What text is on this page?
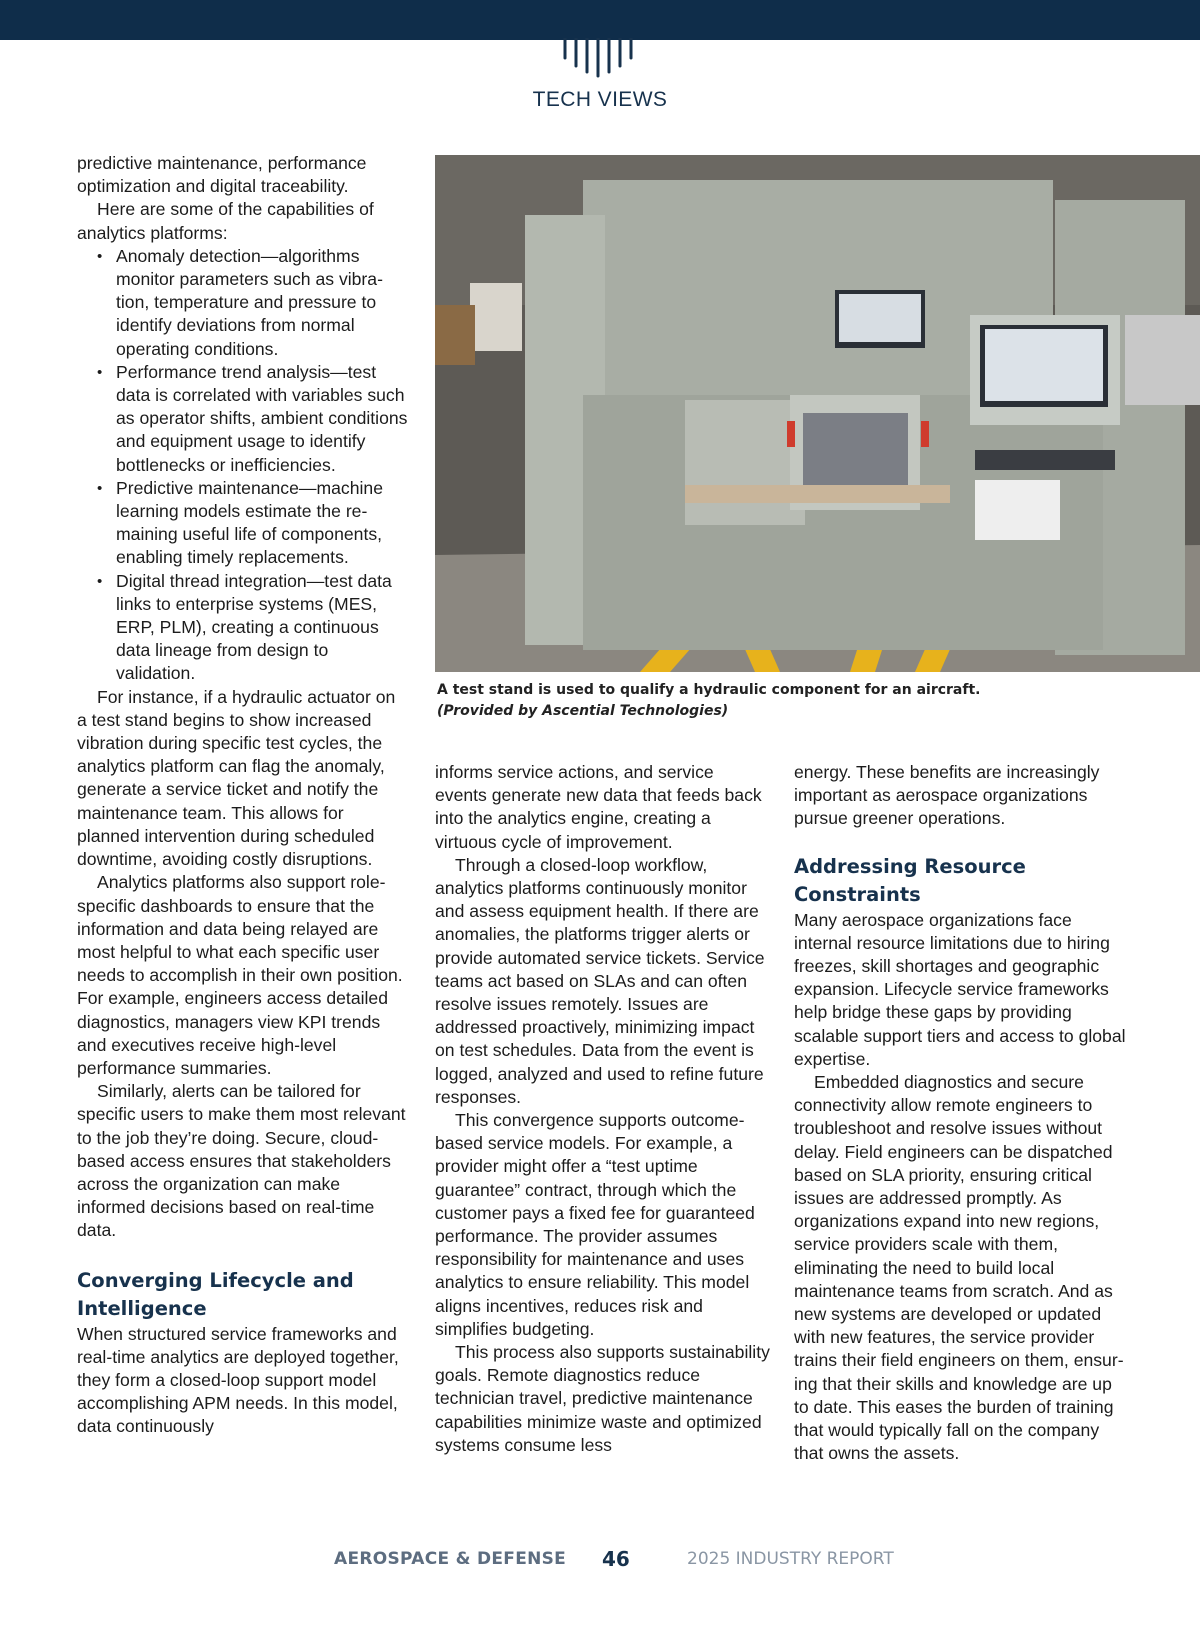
TECH VIEWS

predictive maintenance, performance optimization and digital traceability.

Here are some of the capabilities of analytics platforms:

• Anomaly detection—algorithms monitor parameters such as vibration, temperature and pressure to identify deviations from normal operating conditions.
• Performance trend analysis—test data is correlated with variables such as operator shifts, ambient conditions and equipment usage to identify bottlenecks or inefficiencies.
• Predictive maintenance—machine learning models estimate the remaining useful life of components, enabling timely replacements.
• Digital thread integration—test data links to enterprise systems (MES, ERP, PLM), creating a continuous data lineage from design to validation.

For instance, if a hydraulic actuator on a test stand begins to show increased vibration during specific test cycles, the analytics platform can flag the anomaly, generate a service ticket and notify the maintenance team. This allows for planned intervention during scheduled downtime, avoiding costly disruptions.

Analytics platforms also support role-specific dashboards to ensure that the information and data being relayed are most helpful to what each specific user needs to accomplish in their own position. For example, engineers access detailed diagnostics, managers view KPI trends and executives receive high-level performance summaries.

Similarly, alerts can be tailored for specific users to make them most relevant to the job they’re doing. Secure, cloud-based access ensures that stakeholders across the organization can make informed decisions based on real-time data.

Converging Lifecycle and Intelligence

When structured service frameworks and real-time analytics are deployed together, they form a closed-loop support model accomplishing APM needs. In this model, data continuously

A test stand is used to qualify a hydraulic component for an aircraft.
(Provided by Ascential Technologies)

informs service actions, and service events generate new data that feeds back into the analytics engine, creating a virtuous cycle of improvement.

Through a closed-loop workflow, analytics platforms continuously monitor and assess equipment health. If there are anomalies, the platforms trigger alerts or provide automated service tickets. Service teams act based on SLAs and can often resolve issues remotely. Issues are addressed proactively, minimizing impact on test schedules. Data from the event is logged, analyzed and used to refine future responses.

This convergence supports outcome-based service models. For example, a provider might offer a “test uptime guarantee” contract, through which the customer pays a fixed fee for guaranteed performance. The provider assumes responsibility for maintenance and uses analytics to ensure reliability. This model aligns incentives, reduces risk and simplifies budgeting.

This process also supports sustainability goals. Remote diagnostics reduce technician travel, predictive maintenance capabilities minimize waste and optimized systems consume less

energy. These benefits are increasingly important as aerospace organizations pursue greener operations.

Addressing Resource Constraints

Many aerospace organizations face internal resource limitations due to hiring freezes, skill shortages and geographic expansion. Lifecycle service frameworks help bridge these gaps by providing scalable support tiers and access to global expertise.

Embedded diagnostics and secure connectivity allow remote engineers to troubleshoot and resolve issues without delay. Field engineers can be dispatched based on SLA priority, ensuring critical issues are addressed promptly. As organizations expand into new regions, service providers scale with them, eliminating the need to build local maintenance teams from scratch. And as new systems are developed or updated with new features, the service provider trains their field engineers on them, ensuring that their skills and knowledge are up to date. This eases the burden of training that would typically fall on the company that owns the assets.

AEROSPACE & DEFENSE 46	2025 INDUSTRY REPORT
